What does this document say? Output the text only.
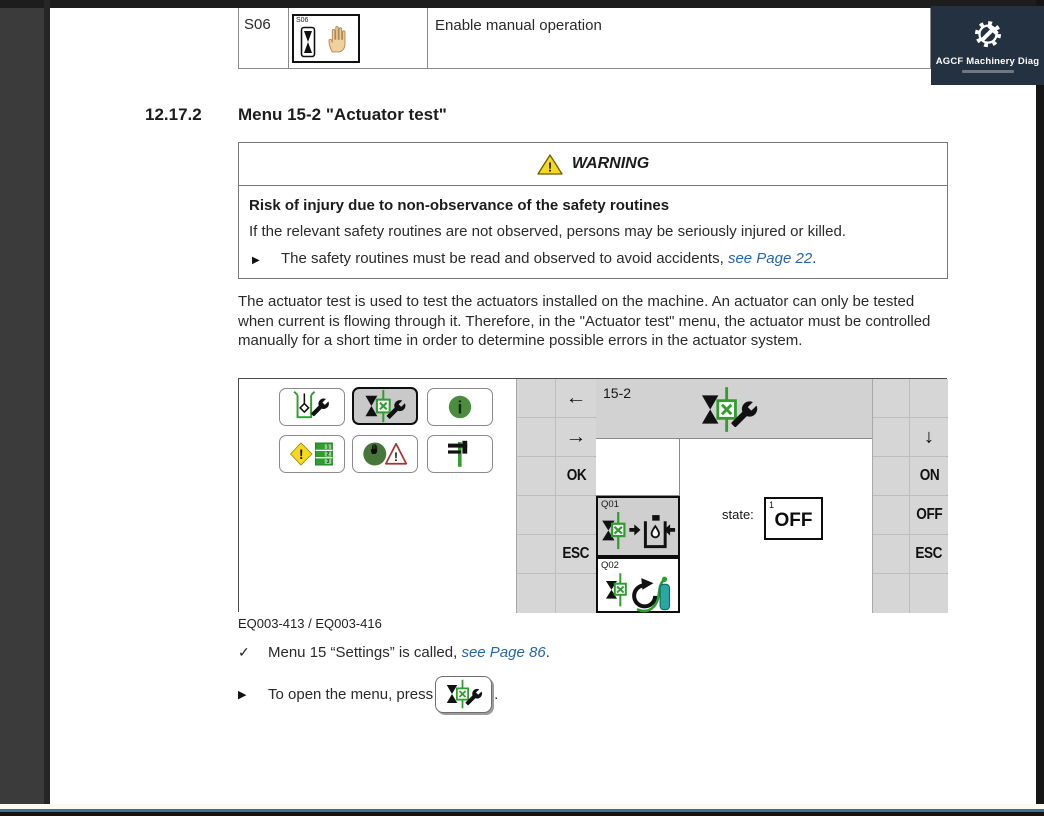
S06	S06	Enable manual operation
12.17.2 Menu 15-2 "Actuator test"
! WARNING
Risk of injury due to non-observance of the safety routines
If the relevant safety routines are not observed, persons may be seriously injured or killed.
▶	The safety routines must be read and observed to avoid accidents, see Page 22.
The actuator test is used to test the actuators installed on the machine. An actuator can only be tested when current is flowing through it. Therefore, in the "Actuator test" menu, the actuator must be controlled manually for a short time in order to determine possible errors in the actuator system.
i
!	1
2
3	!
←
→
OK
ESC
15-2
Q01
Q02
state:
1
OFF
↓
ON
OFF
ESC
EQ003-413 / EQ003-416
✓	Menu 15 “Settings” is called, see Page 86.
▶	To open the menu, press	.
AGCF Machinery Diag
